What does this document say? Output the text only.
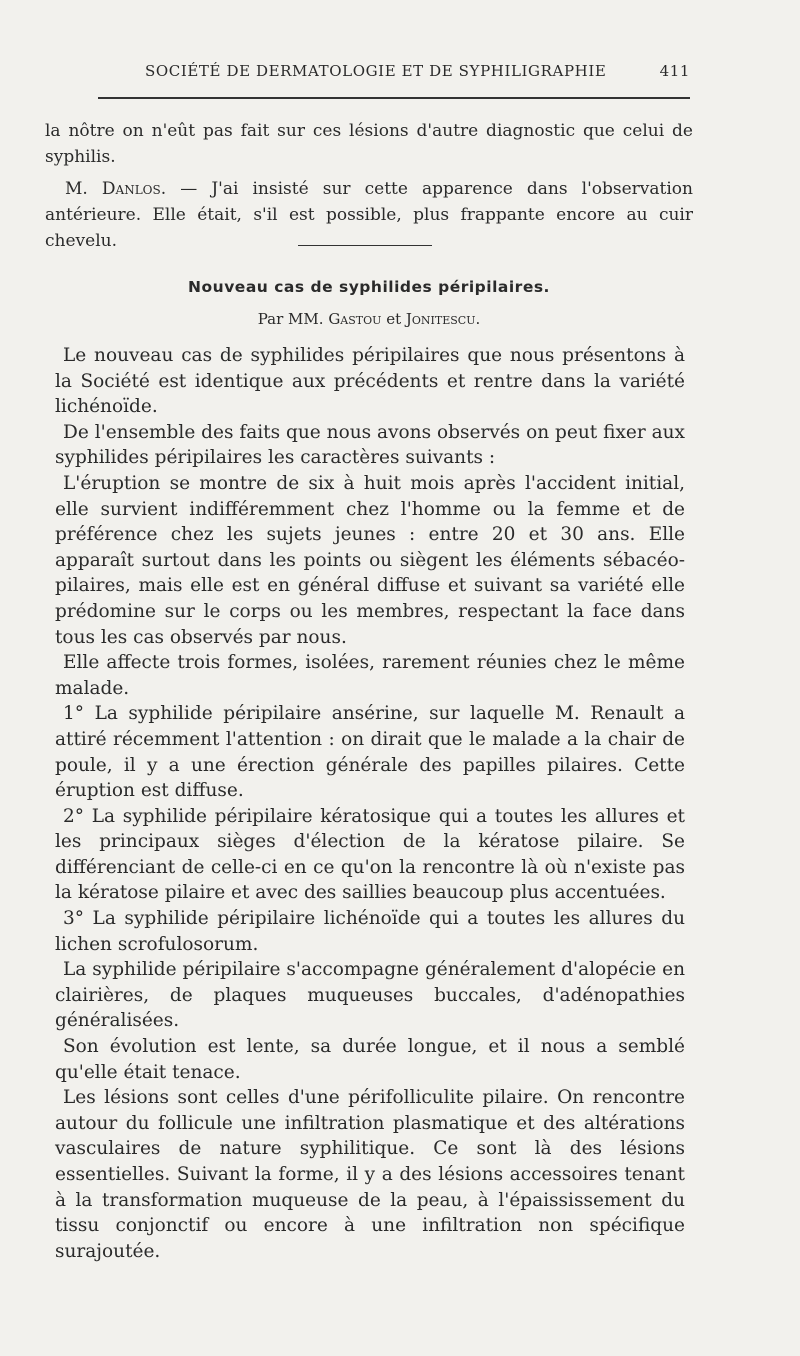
SOCIÉTÉ DE DERMATOLOGIE ET DE SYPHILIGRAPHIE	411
la nôtre on n'eût pas fait sur ces lésions d'autre diagnostic que celui de syphilis.
M. Danlos. — J'ai insisté sur cette apparence dans l'observation antérieure. Elle était, s'il est possible, plus frappante encore au cuir chevelu.
Nouveau cas de syphilides péripilaires.
Par MM. Gastou et Jonitescu.

Le nouveau cas de syphilides péripilaires que nous présentons à la Société est identique aux précédents et rentre dans la variété lichénoïde.

De l'ensemble des faits que nous avons observés on peut fixer aux syphilides péripilaires les caractères suivants :

L'éruption se montre de six à huit mois après l'accident initial, elle survient indifféremment chez l'homme ou la femme et de préférence chez les sujets jeunes : entre 20 et 30 ans. Elle apparaît surtout dans les points ou siègent les éléments sébacéo-pilaires, mais elle est en général diffuse et suivant sa variété elle prédomine sur le corps ou les membres, respectant la face dans tous les cas observés par nous.

Elle affecte trois formes, isolées, rarement réunies chez le même malade.

1° La syphilide péripilaire ansérine, sur laquelle M. Renault a attiré récemment l'attention : on dirait que le malade a la chair de poule, il y a une érection générale des papilles pilaires. Cette éruption est diffuse.

2° La syphilide péripilaire kératosique qui a toutes les allures et les principaux sièges d'élection de la kératose pilaire. Se différenciant de celle-ci en ce qu'on la rencontre là où n'existe pas la kératose pilaire et avec des saillies beaucoup plus accentuées.

3° La syphilide péripilaire lichénoïde qui a toutes les allures du lichen scrofulosorum.

La syphilide péripilaire s'accompagne généralement d'alopécie en clairières, de plaques muqueuses buccales, d'adénopathies généralisées.

Son évolution est lente, sa durée longue, et il nous a semblé qu'elle était tenace.

Les lésions sont celles d'une périfolliculite pilaire. On rencontre autour du follicule une infiltration plasmatique et des altérations vasculaires de nature syphilitique. Ce sont là des lésions essentielles. Suivant la forme, il y a des lésions accessoires tenant à la transformation muqueuse de la peau, à l'épaississement du tissu conjonctif ou encore à une infiltration non spécifique surajoutée.
